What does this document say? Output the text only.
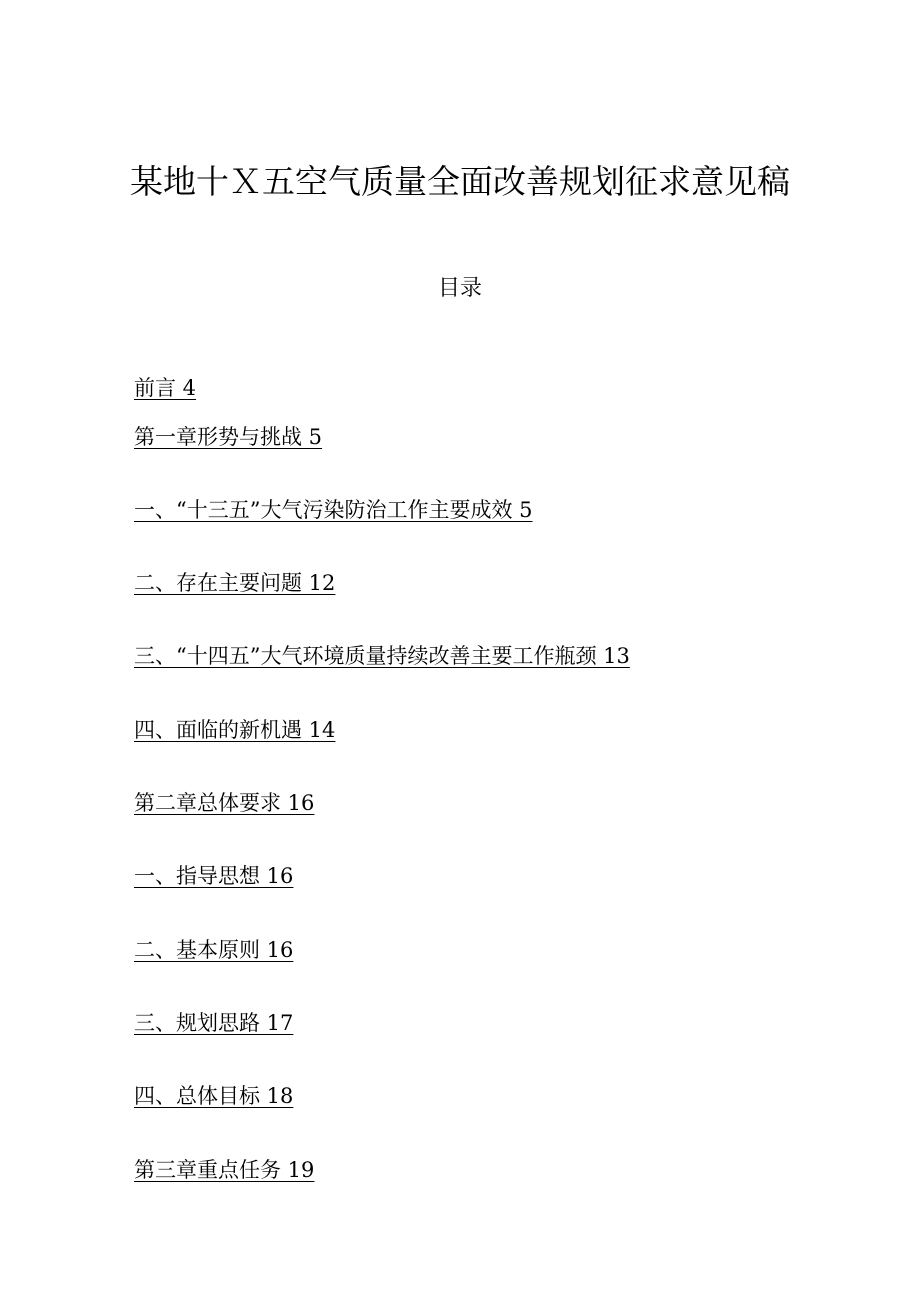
某地十Ｘ五空气质量全面改善规划征求意见稿
目录
前言 4
第一章形势与挑战 5
一、“十三五”大气污染防治工作主要成效 5
二、存在主要问题 12
三、“十四五”大气环境质量持续改善主要工作瓶颈 13
四、面临的新机遇 14
第二章总体要求 16
一、指导思想 16
二、基本原则 16
三、规划思路 17
四、总体目标 18
第三章重点任务 19
